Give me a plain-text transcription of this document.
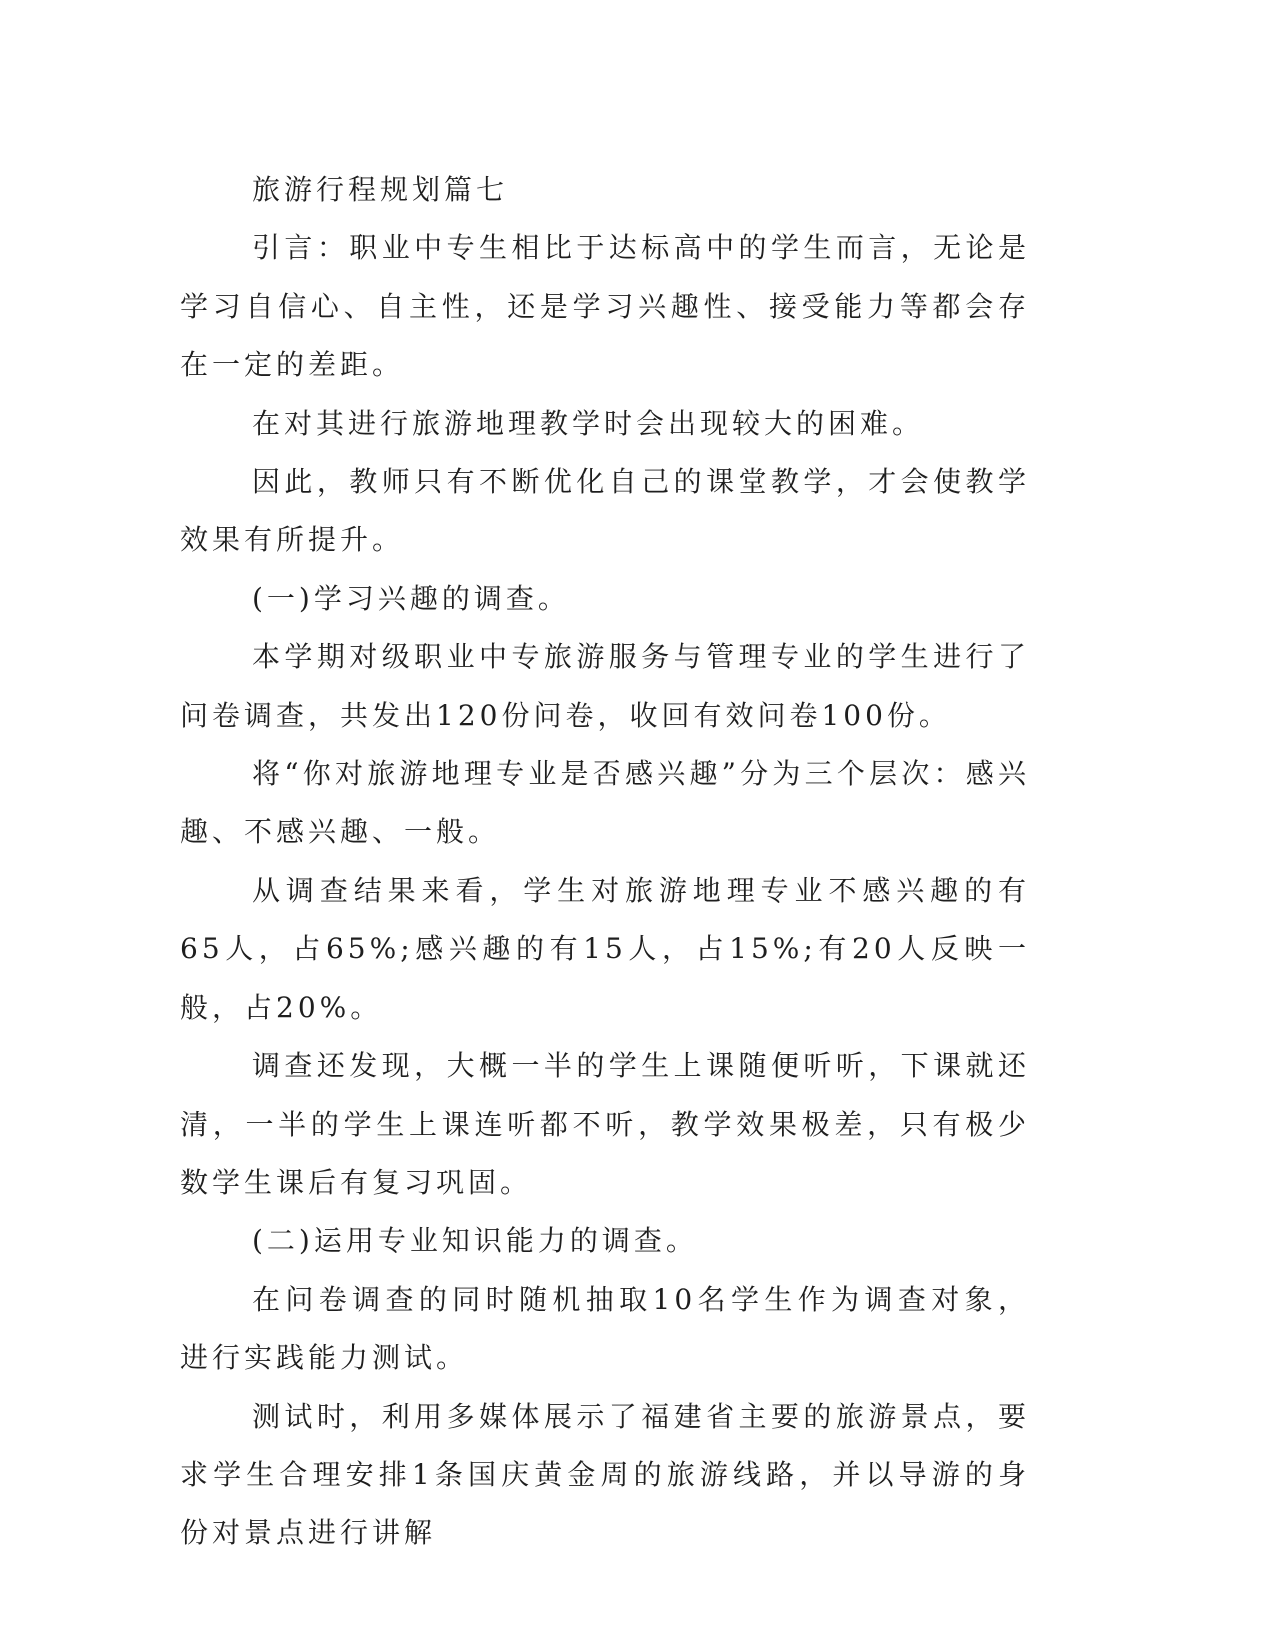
旅游行程规划篇七

引言：职业中专生相比于达标高中的学生而言，无论是学习自信心、自主性，还是学习兴趣性、接受能力等都会存在一定的差距。

在对其进行旅游地理教学时会出现较大的困难。

因此，教师只有不断优化自己的课堂教学，才会使教学效果有所提升。

(一)学习兴趣的调查。

本学期对级职业中专旅游服务与管理专业的学生进行了问卷调查，共发出120份问卷，收回有效问卷100份。

将“你对旅游地理专业是否感兴趣”分为三个层次：感兴趣、不感兴趣、一般。

从调查结果来看，学生对旅游地理专业不感兴趣的有65人，占65%;感兴趣的有15人，占15%;有20人反映一般，占20%。

调查还发现，大概一半的学生上课随便听听，下课就还清，一半的学生上课连听都不听，教学效果极差，只有极少数学生课后有复习巩固。

(二)运用专业知识能力的调查。

在问卷调查的同时随机抽取10名学生作为调查对象，进行实践能力测试。

测试时，利用多媒体展示了福建省主要的旅游景点，要求学生合理安排1条国庆黄金周的旅游线路，并以导游的身份对景点进行讲解
